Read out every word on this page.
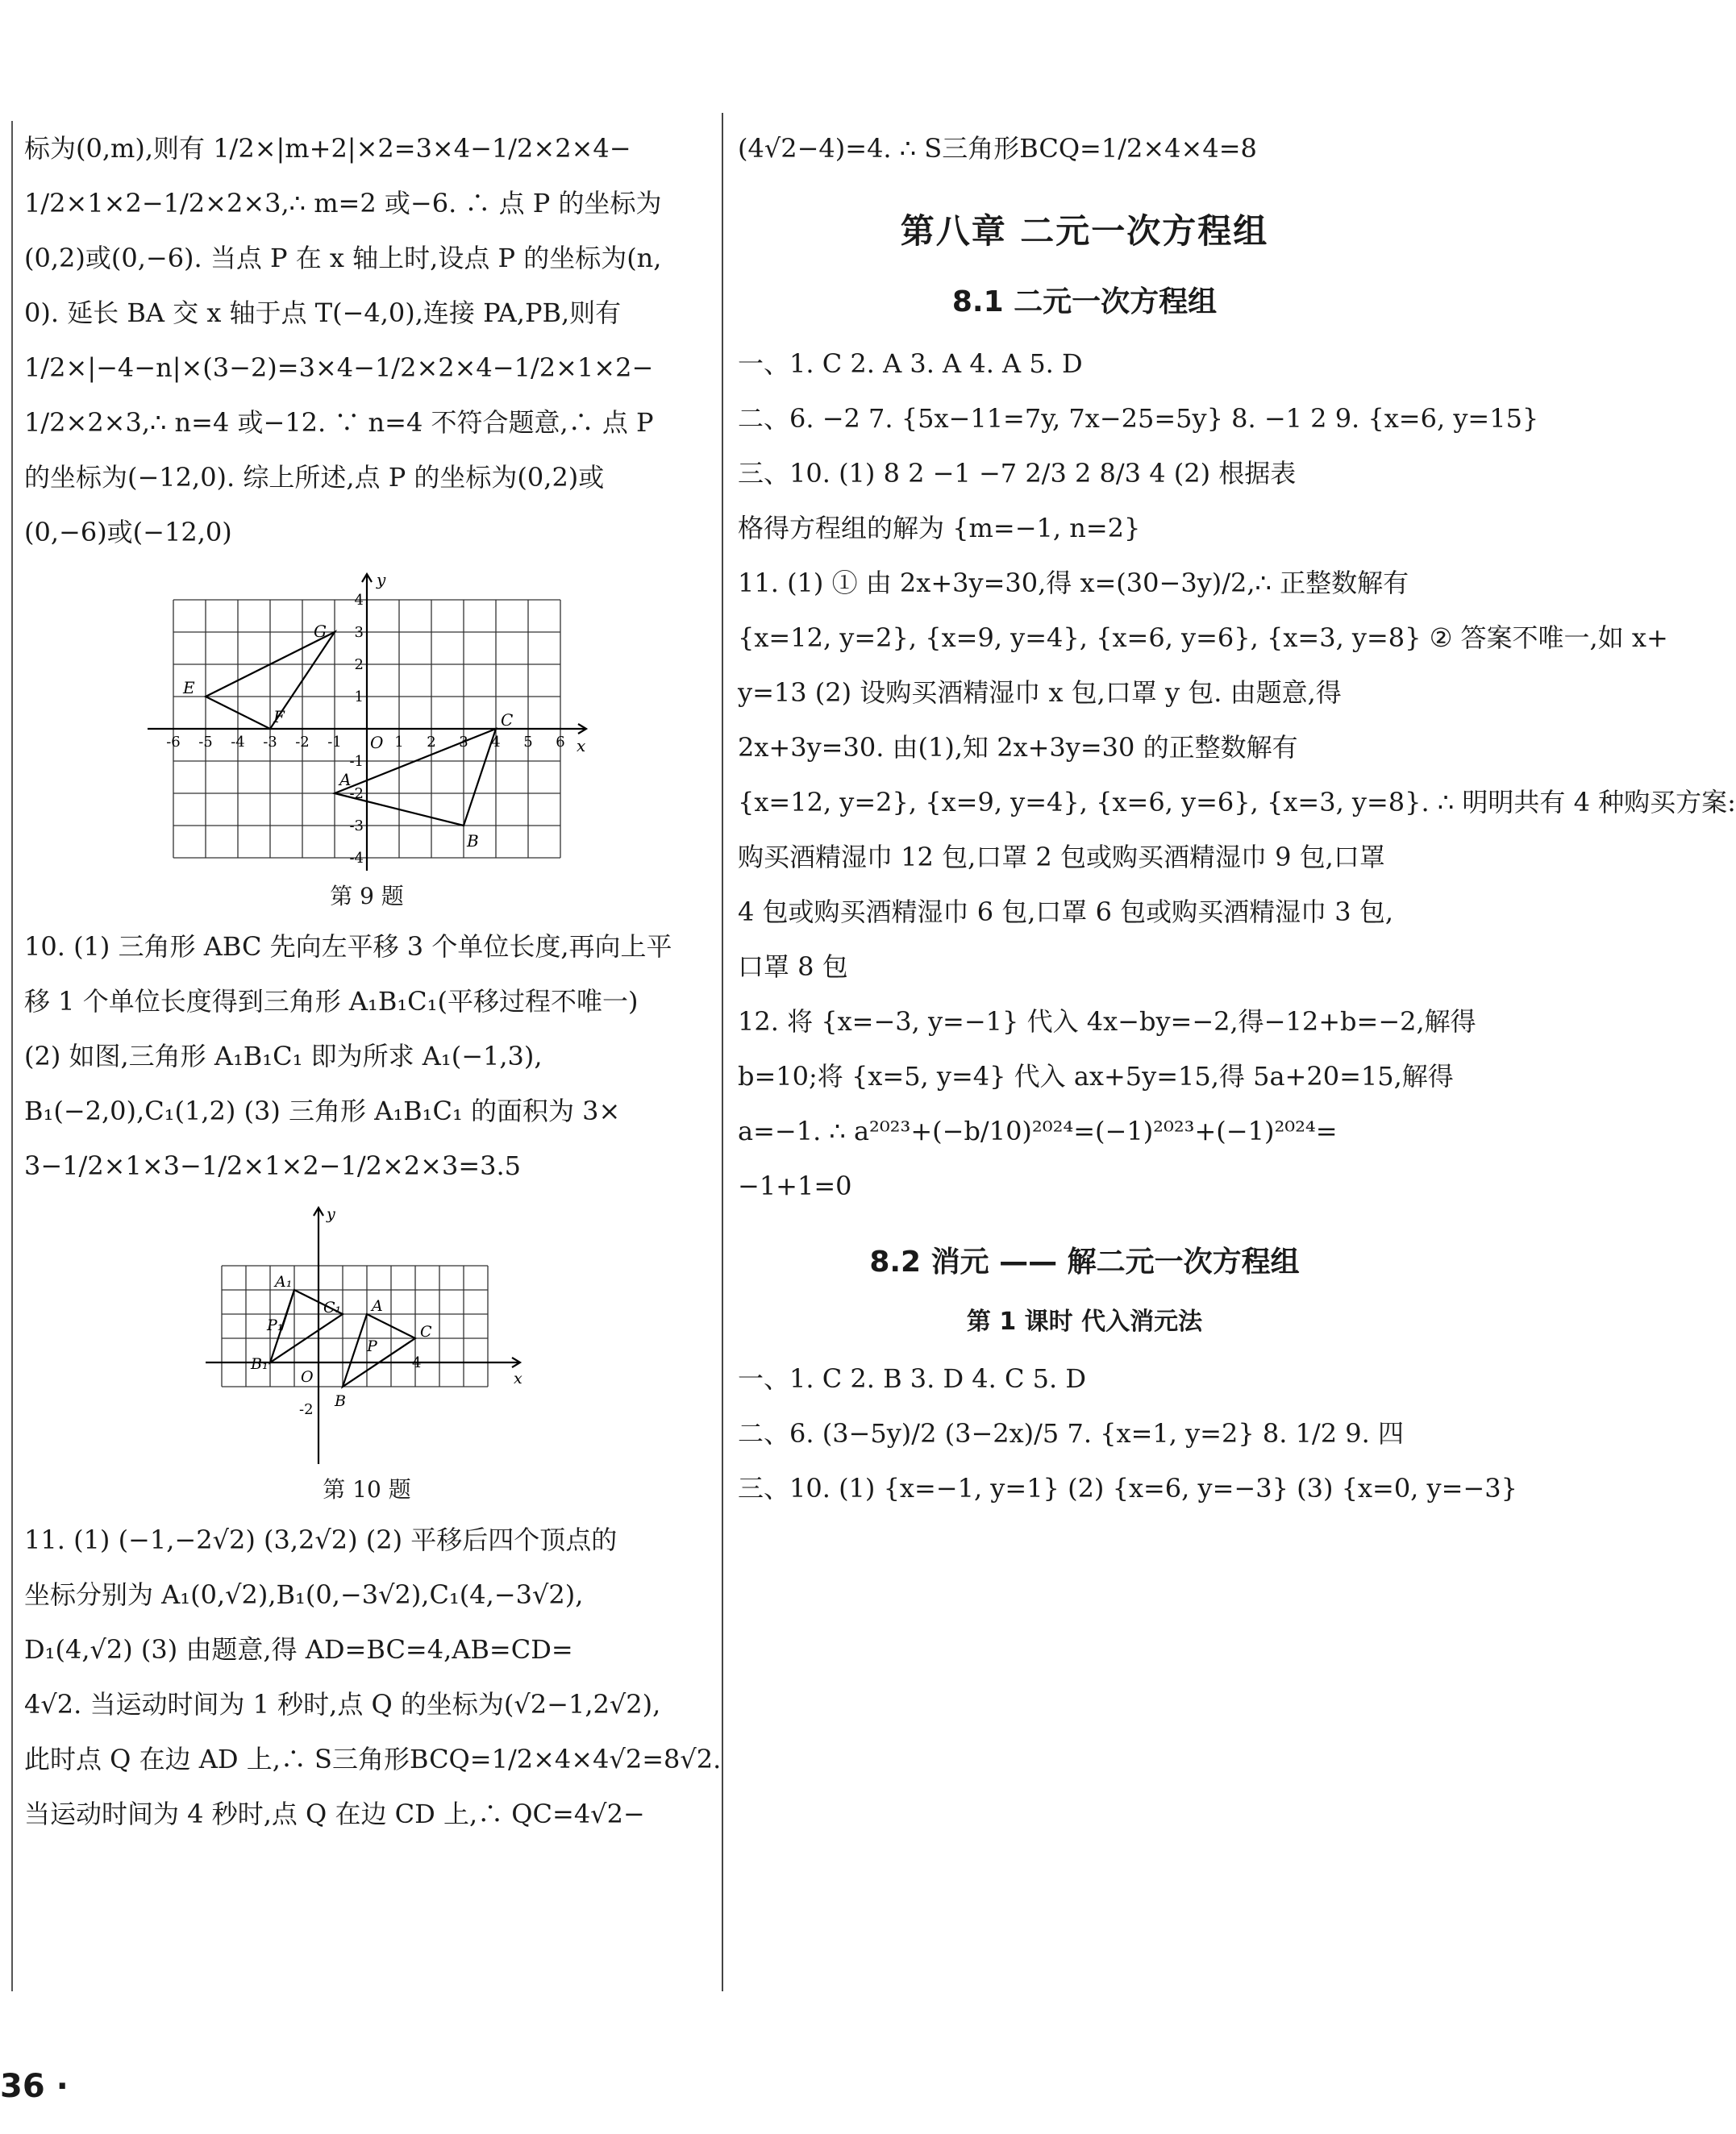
标为(0,m),则有 1/2×|m+2|×2=3×4−1/2×2×4−

1/2×1×2−1/2×2×3,∴ m=2 或−6. ∴ 点 P 的坐标为

(0,2)或(0,−6). 当点 P 在 x 轴上时,设点 P 的坐标为(n,

0). 延长 BA 交 x 轴于点 T(−4,0),连接 PA,PB,则有

1/2×|−4−n|×(3−2)=3×4−1/2×2×4−1/2×1×2−

1/2×2×3,∴ n=4 或−12. ∵ n=4 不符合题意,∴ 点 P

的坐标为(−12,0). 综上所述,点 P 的坐标为(0,2)或

(0,−6)或(−12,0)

y
x
O
E
G
F	C
A
B
-6 -5 -4 -3 -2 -1	1 2 3 4 5 6
4
3
2
1
-1
-2
-3
-4
第 9 题

10. (1) 三角形 ABC 先向左平移 3 个单位长度,再向上平

移 1 个单位长度得到三角形 A₁B₁C₁(平移过程不唯一)

(2) 如图,三角形 A₁B₁C₁ 即为所求 A₁(−1,3),

B₁(−2,0),C₁(1,2) (3) 三角形 A₁B₁C₁ 的面积为 3×

3−1/2×1×3−1/2×1×2−1/2×2×3=3.5

y
x
O
A₁
C₁
P₁
B₁
A
P
C
B
4
-2
第 10 题

11. (1) (−1,−2√2) (3,2√2) (2) 平移后四个顶点的

坐标分别为 A₁(0,√2),B₁(0,−3√2),C₁(4,−3√2),

D₁(4,√2) (3) 由题意,得 AD=BC=4,AB=CD=

4√2. 当运动时间为 1 秒时,点 Q 的坐标为(√2−1,2√2),

此时点 Q 在边 AD 上,∴ S三角形BCQ=1/2×4×4√2=8√2.

当运动时间为 4 秒时,点 Q 在边 CD 上,∴ QC=4√2−

(4√2−4)=4. ∴ S三角形BCQ=1/2×4×4=8

第八章 二元一次方程组
8.1 二元一次方程组

一、1. C 2. A 3. A 4. A 5. D

二、6. −2 7. {5x−11=7y, 7x−25=5y} 8. −1 2 9. {x=6, y=15}

三、10. (1) 8 2 −1 −7 2/3 2 8/3 4 (2) 根据表

格得方程组的解为 {m=−1, n=2}

11. (1) ① 由 2x+3y=30,得 x=(30−3y)/2,∴ 正整数解有

{x=12, y=2}, {x=9, y=4}, {x=6, y=6}, {x=3, y=8} ② 答案不唯一,如 x+

y=13 (2) 设购买酒精湿巾 x 包,口罩 y 包. 由题意,得

2x+3y=30. 由(1),知 2x+3y=30 的正整数解有

{x=12, y=2}, {x=9, y=4}, {x=6, y=6}, {x=3, y=8}. ∴ 明明共有 4 种购买方案:

购买酒精湿巾 12 包,口罩 2 包或购买酒精湿巾 9 包,口罩

4 包或购买酒精湿巾 6 包,口罩 6 包或购买酒精湿巾 3 包,

口罩 8 包

12. 将 {x=−3, y=−1} 代入 4x−by=−2,得−12+b=−2,解得

b=10;将 {x=5, y=4} 代入 ax+5y=15,得 5a+20=15,解得

a=−1. ∴ a²⁰²³+(−b/10)²⁰²⁴=(−1)²⁰²³+(−1)²⁰²⁴=

−1+1=0

8.2 消元 —— 解二元一次方程组
第 1 课时 代入消元法

一、1. C 2. B 3. D 4. C 5. D

二、6. (3−5y)/2 (3−2x)/5 7. {x=1, y=2} 8. 1/2 9. 四

三、10. (1) {x=−1, y=1} (2) {x=6, y=−3} (3) {x=0, y=−3}

36 ·
